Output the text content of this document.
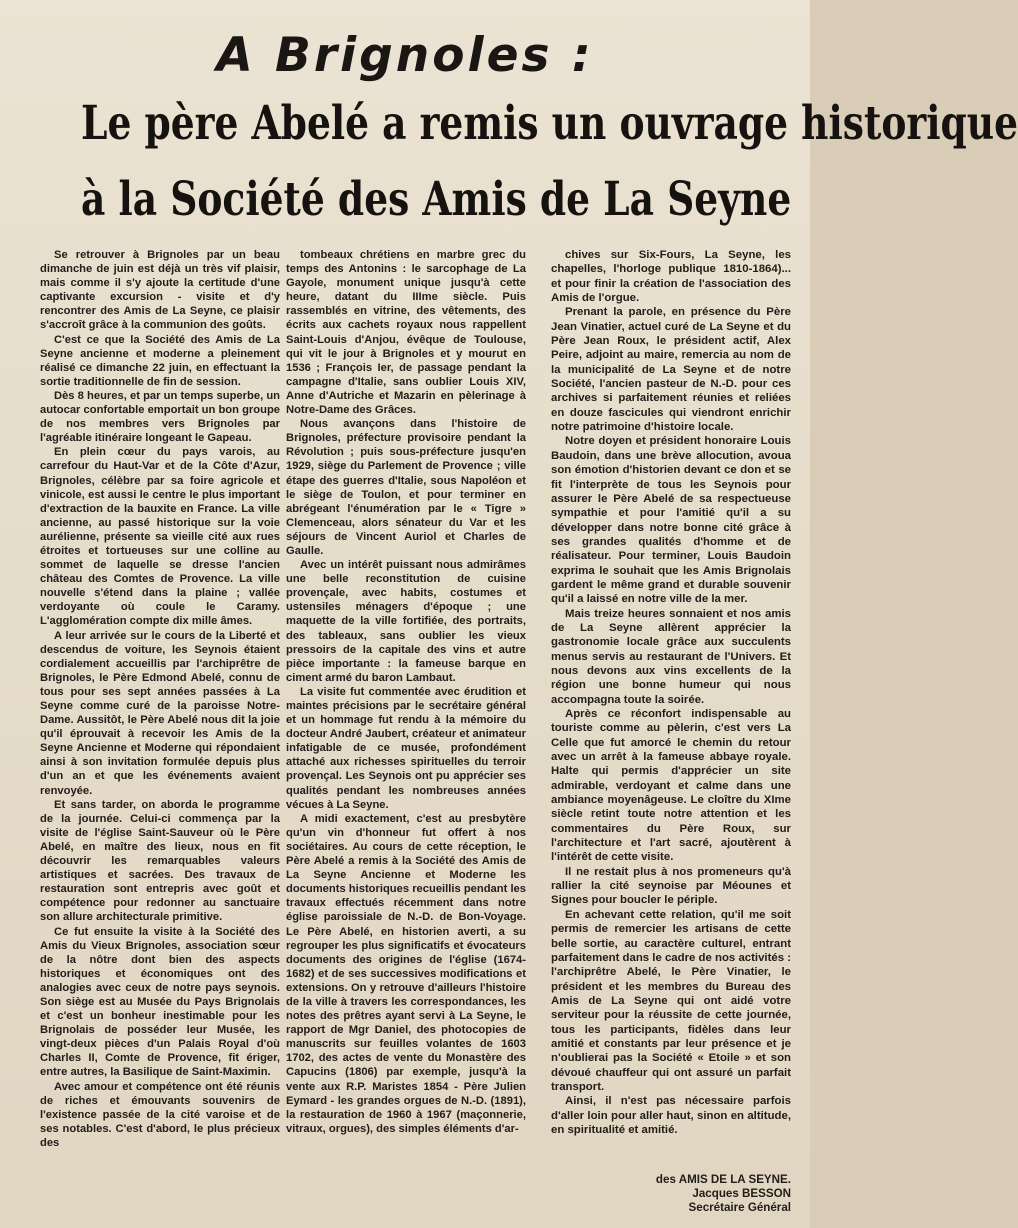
A Brignoles :
Le père Abelé a remis un ouvrage historique
à la Société des Amis de La Seyne

Se retrouver à Brignoles par un beau dimanche de juin est déjà un très vif plaisir, mais comme il s'y ajoute la certitude d'une captivante excursion - visite et d'y rencontrer des Amis de La Seyne, ce plaisir s'accroît grâce à la communion des goûts.

C'est ce que la Société des Amis de La Seyne ancienne et moderne a pleinement réalisé ce dimanche 22 juin, en effectuant la sortie traditionnelle de fin de session.

Dès 8 heures, et par un temps superbe, un autocar confortable emportait un bon groupe de nos membres vers Brignoles par l'agréable itinéraire longeant le Gapeau.

En plein cœur du pays varois, au carrefour du Haut-Var et de la Côte d'Azur, Brignoles, célèbre par sa foire agricole et vinicole, est aussi le centre le plus important d'extraction de la bauxite en France. La ville ancienne, au passé historique sur la voie aurélienne, présente sa vieille cité aux rues étroites et tortueuses sur une colline au sommet de laquelle se dresse l'ancien château des Comtes de Provence. La ville nouvelle s'étend dans la plaine ; vallée verdoyante où coule le Caramy. L'agglomération compte dix mille âmes.

A leur arrivée sur le cours de la Liberté et descendus de voiture, les Seynois étaient cordialement accueillis par l'archiprêtre de Brignoles, le Père Edmond Abelé, connu de tous pour ses sept années passées à La Seyne comme curé de la paroisse Notre-Dame. Aussitôt, le Père Abelé nous dit la joie qu'il éprouvait à recevoir les Amis de la Seyne Ancienne et Moderne qui répondaient ainsi à son invitation formulée depuis plus d'un an et que les événements avaient renvoyée.

Et sans tarder, on aborda le programme de la journée. Celui-ci commença par la visite de l'église Saint-Sauveur où le Père Abelé, en maître des lieux, nous en fit découvrir les remarquables valeurs artistiques et sacrées. Des travaux de restauration sont entrepris avec goût et compétence pour redonner au sanctuaire son allure architecturale primitive.

Ce fut ensuite la visite à la Société des Amis du Vieux Brignoles, association sœur de la nôtre dont bien des aspects historiques et économiques ont des analogies avec ceux de notre pays seynois. Son siège est au Musée du Pays Brignolais et c'est un bonheur inestimable pour les Brignolais de posséder leur Musée, les vingt-deux pièces d'un Palais Royal d'où Charles II, Comte de Provence, fit ériger, entre autres, la Basilique de Saint-Maximin.

Avec amour et compétence ont été réunis de riches et émouvants souvenirs de l'existence passée de la cité varoise et de ses notables. C'est d'abord, le plus précieux des

tombeaux chrétiens en marbre grec du temps des Antonins : le sarcophage de La Gayole, monument unique jusqu'à cette heure, datant du IIIme siècle. Puis rassemblés en vitrine, des vêtements, des écrits aux cachets royaux nous rappellent Saint-Louis d'Anjou, évêque de Toulouse, qui vit le jour à Brignoles et y mourut en 1536 ; François Ier, de passage pendant la campagne d'Italie, sans oublier Louis XIV, Anne d'Autriche et Mazarin en pèlerinage à Notre-Dame des Grâces.

Nous avançons dans l'histoire de Brignoles, préfecture provisoire pendant la Révolution ; puis sous-préfecture jusqu'en 1929, siège du Parlement de Provence ; ville étape des guerres d'Italie, sous Napoléon et le siège de Toulon, et pour terminer en abrégeant l'énumération par le « Tigre » Clemenceau, alors sénateur du Var et les séjours de Vincent Auriol et Charles de Gaulle.

Avec un intérêt puissant nous admirâmes une belle reconstitution de cuisine provençale, avec habits, costumes et ustensiles ménagers d'époque ; une maquette de la ville fortifiée, des portraits, des tableaux, sans oublier les vieux pressoirs de la capitale des vins et autre pièce importante : la fameuse barque en ciment armé du baron Lambaut.

La visite fut commentée avec érudition et maintes précisions par le secrétaire général et un hommage fut rendu à la mémoire du docteur André Jaubert, créateur et animateur infatigable de ce musée, profondément attaché aux richesses spirituelles du terroir provençal. Les Seynois ont pu apprécier ses qualités pendant les nombreuses années vécues à La Seyne.

A midi exactement, c'est au presbytère qu'un vin d'honneur fut offert à nos sociétaires. Au cours de cette réception, le Père Abelé a remis à la Société des Amis de La Seyne Ancienne et Moderne les documents historiques recueillis pendant les travaux effectués récemment dans notre église paroissiale de N.-D. de Bon-Voyage. Le Père Abelé, en historien averti, a su regrouper les plus significatifs et évocateurs documents des origines de l'église (1674-1682) et de ses successives modifications et extensions. On y retrouve d'ailleurs l'histoire de la ville à travers les correspondances, les notes des prêtres ayant servi à La Seyne, le rapport de Mgr Daniel, des photocopies de manuscrits sur feuilles volantes de 1603 1702, des actes de vente du Monastère des Capucins (1806) par exemple, jusqu'à la vente aux R.P. Maristes 1854 - Père Julien Eymard - les grandes orgues de N.-D. (1891), la restauration de 1960 à 1967 (maçonnerie, vitraux, orgues), des simples éléments d'ar-

chives sur Six-Fours, La Seyne, les chapelles, l'horloge publique 1810-1864)... et pour finir la création de l'association des Amis de l'orgue.

Prenant la parole, en présence du Père Jean Vinatier, actuel curé de La Seyne et du Père Jean Roux, le président actif, Alex Peire, adjoint au maire, remercia au nom de la municipalité de La Seyne et de notre Société, l'ancien pasteur de N.-D. pour ces archives si parfaitement réunies et reliées en douze fascicules qui viendront enrichir notre patrimoine d'histoire locale.

Notre doyen et président honoraire Louis Baudoin, dans une brève allocution, avoua son émotion d'historien devant ce don et se fit l'interprète de tous les Seynois pour assurer le Père Abelé de sa respectueuse sympathie et pour l'amitié qu'il a su développer dans notre bonne cité grâce à ses grandes qualités d'homme et de réalisateur. Pour terminer, Louis Baudoin exprima le souhait que les Amis Brignolais gardent le même grand et durable souvenir qu'il a laissé en notre ville de la mer.

Mais treize heures sonnaient et nos amis de La Seyne allèrent apprécier la gastronomie locale grâce aux succulents menus servis au restaurant de l'Univers. Et nous devons aux vins excellents de la région une bonne humeur qui nous accompagna toute la soirée.

Après ce réconfort indispensable au touriste comme au pèlerin, c'est vers La Celle que fut amorcé le chemin du retour avec un arrêt à la fameuse abbaye royale. Halte qui permis d'apprécier un site admirable, verdoyant et calme dans une ambiance moyenâgeuse. Le cloître du XIme siècle retint toute notre attention et les commentaires du Père Roux, sur l'architecture et l'art sacré, ajoutèrent à l'intérêt de cette visite.

Il ne restait plus à nos promeneurs qu'à rallier la cité seynoise par Méounes et Signes pour boucler le périple.

En achevant cette relation, qu'il me soit permis de remercier les artisans de cette belle sortie, au caractère culturel, entrant parfaitement dans le cadre de nos activités : l'archiprêtre Abelé, le Père Vinatier, le président et les membres du Bureau des Amis de La Seyne qui ont aidé votre serviteur pour la réussite de cette journée, tous les participants, fidèles dans leur amitié et constants par leur présence et je n'oublierai pas la Société « Etoile » et son dévoué chauffeur qui ont assuré un parfait transport.

Ainsi, il n'est pas nécessaire parfois d'aller loin pour aller haut, sinon en altitude, en spiritualité et amitié.

des AMIS DE LA SEYNE.
Jacques BESSON
Secrétaire Général
